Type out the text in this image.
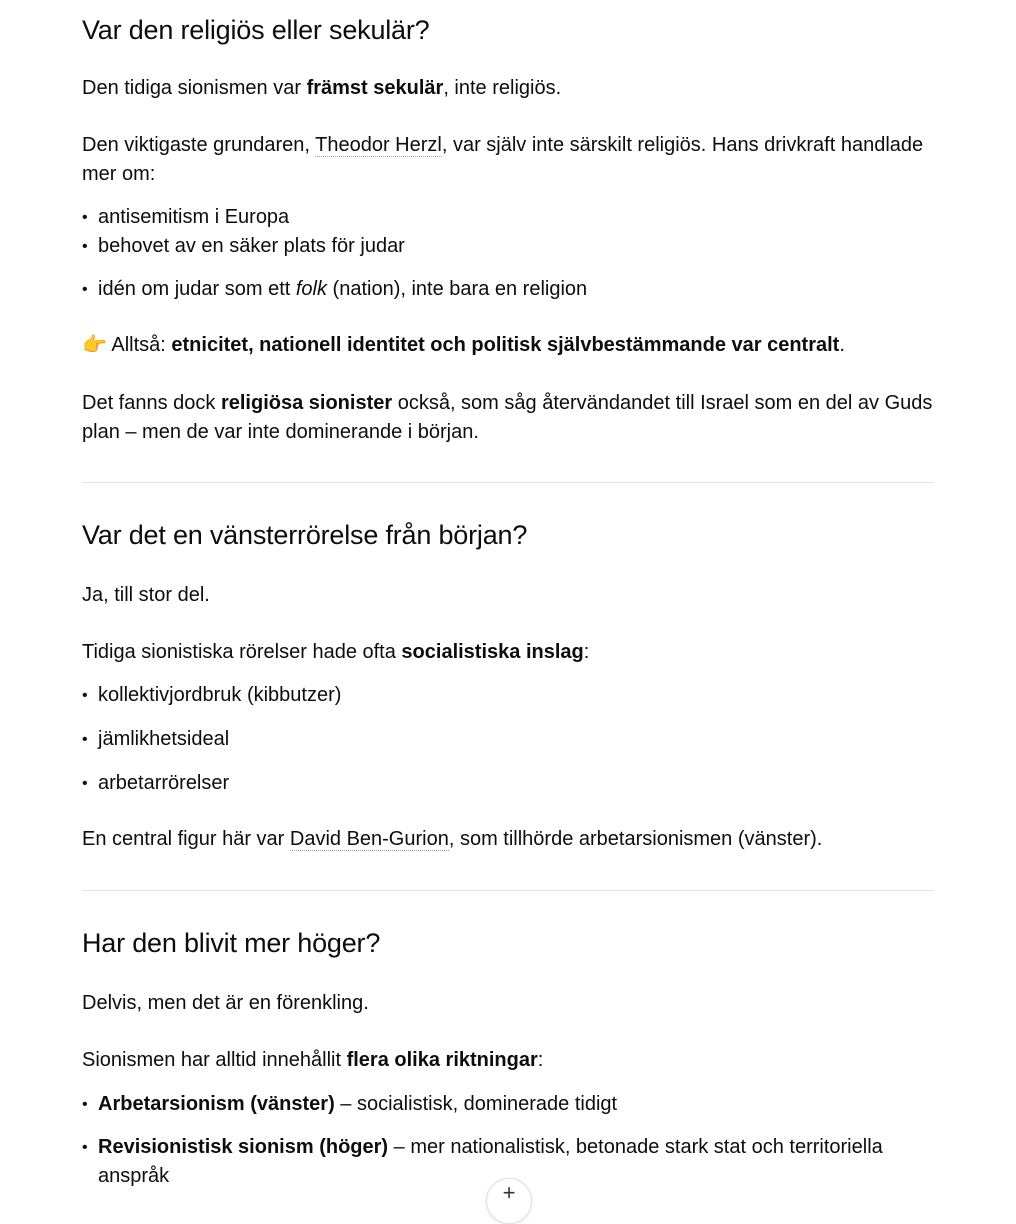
Var den religiös eller sekulär?

Den tidiga sionismen var främst sekulär, inte religiös.

Den viktigaste grundaren, Theodor Herzl, var själv inte särskilt religiös. Hans drivkraft handlade mer om:

• antisemitism i Europa
• behovet av en säker plats för judar
• idén om judar som ett folk (nation), inte bara en religion

👉 Alltså: etnicitet, nationell identitet och politisk självbestämmande var centralt.

Det fanns dock religiösa sionister också, som såg återvändandet till Israel som en del av Guds plan – men de var inte dominerande i början.

Var det en vänsterrörelse från början?

Ja, till stor del.

Tidiga sionistiska rörelser hade ofta socialistiska inslag:

• kollektivjordbruk (kibbutzer)
• jämlikhetsideal
• arbetarrörelser

En central figur här var David Ben-Gurion, som tillhörde arbetarsionismen (vänster).

Har den blivit mer höger?

Delvis, men det är en förenkling.

Sionismen har alltid innehållit flera olika riktningar:

• Arbetarsionism (vänster) – socialistisk, dominerade tidigt
• Revisionistisk sionism (höger) – mer nationalistisk, betonade stark stat och territoriella anspråk
+
